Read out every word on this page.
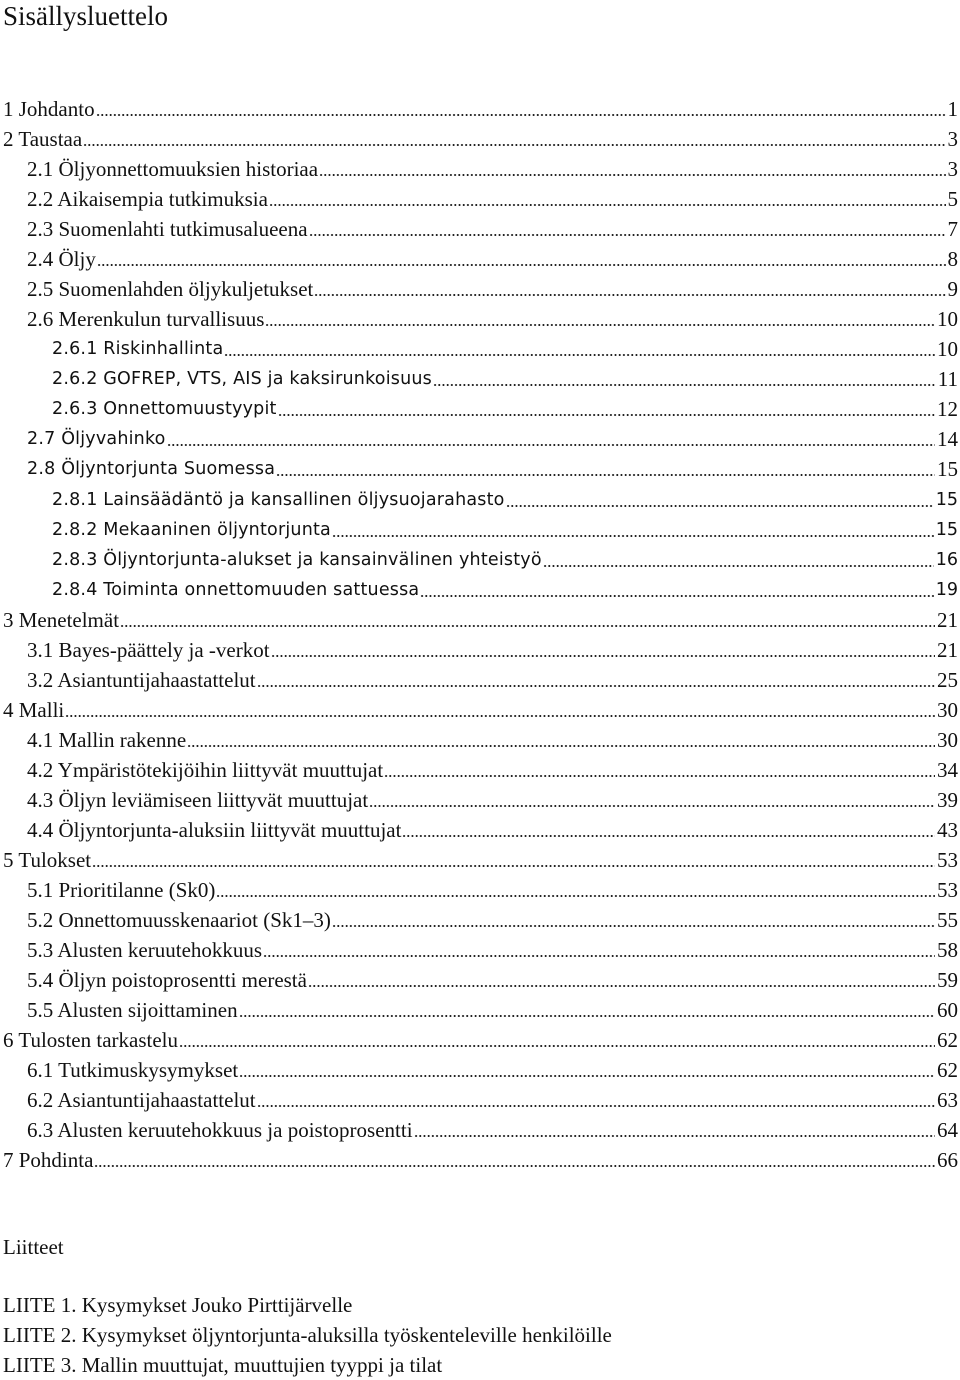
Sisällysluettelo
1 Johdanto	1
2 Taustaa	3
2.1 Öljyonnettomuuksien historiaa	3
2.2 Aikaisempia tutkimuksia	5
2.3 Suomenlahti tutkimusalueena	7
2.4 Öljy	8
2.5 Suomenlahden öljykuljetukset	9
2.6 Merenkulun turvallisuus	10
2.6.1 Riskinhallinta	10
2.6.2 GOFREP, VTS, AIS ja kaksirunkoisuus	11
2.6.3 Onnettomuustyypit	12
2.7 Öljyvahinko	14
2.8 Öljyntorjunta Suomessa	15
2.8.1 Lainsäädäntö ja kansallinen öljysuojarahasto	15
2.8.2 Mekaaninen öljyntorjunta	15
2.8.3 Öljyntorjunta-alukset ja kansainvälinen yhteistyö	16
2.8.4 Toiminta onnettomuuden sattuessa	19
3 Menetelmät	21
3.1 Bayes-päättely ja -verkot	21
3.2 Asiantuntijahaastattelut	25
4 Malli	30
4.1 Mallin rakenne	30
4.2 Ympäristötekijöihin liittyvät muuttujat	34
4.3 Öljyn leviämiseen liittyvät muuttujat	39
4.4 Öljyntorjunta-aluksiin liittyvät muuttujat	43
5 Tulokset	53
5.1 Prioritilanne (Sk0)	53
5.2 Onnettomuusskenaariot (Sk1–3)	55
5.3 Alusten keruutehokkuus	58
5.4 Öljyn poistoprosentti merestä	59
5.5 Alusten sijoittaminen	60
6 Tulosten tarkastelu	62
6.1 Tutkimuskysymykset	62
6.2 Asiantuntijahaastattelut	63
6.3 Alusten keruutehokkuus ja poistoprosentti	64
7 Pohdinta	66
Liitteet
LIITE 1. Kysymykset Jouko Pirttijärvelle
LIITE 2. Kysymykset öljyntorjunta-aluksilla työskenteleville henkilöille
LIITE 3. Mallin muuttujat, muuttujien tyyppi ja tilat
